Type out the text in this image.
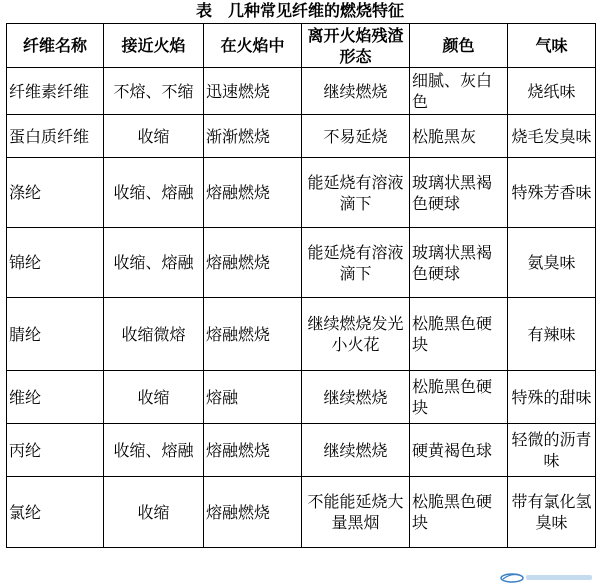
表　几种常见纤维的燃烧特征
纤维名称	接近火焰	在火焰中	离开火焰残渣形态	颜色	气味
纤维素纤维	不熔、不缩	迅速燃烧	继续燃烧	细腻、灰白色	烧纸味
蛋白质纤维	收缩	渐渐燃烧	不易延烧	松脆黑灰	烧毛发臭味
涤纶	收缩、熔融	熔融燃烧	能延烧有溶液滴下	玻璃状黑褐色硬球	特殊芳香味
锦纶	收缩、熔融	熔融燃烧	能延烧有溶液滴下	玻璃状黑褐色硬球	氨臭味
腈纶	收缩微熔	熔融燃烧	继续燃烧发光小火花	松脆黑色硬块	有辣味
维纶	收缩	熔融	继续燃烧	松脆黑色硬块	特殊的甜味
丙纶	收缩、熔融	熔融燃烧	继续燃烧	硬黄褐色球	轻微的沥青味
氯纶	收缩	熔融燃烧	不能能延烧大量黑烟	松脆黑色硬块	带有氯化氢臭味
